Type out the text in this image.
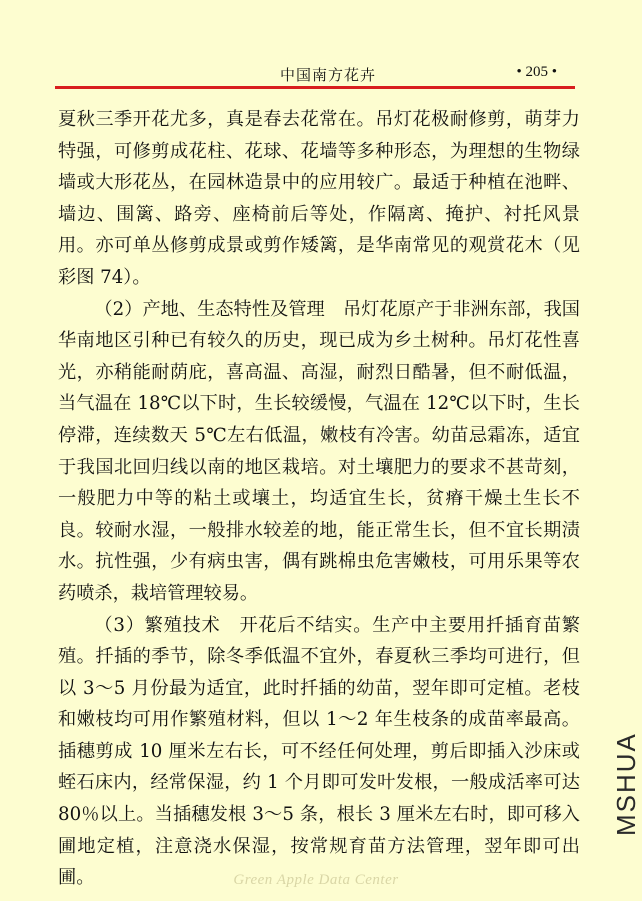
中国南方花卉	• 205 •

夏秋三季开花尤多，真是春去花常在。吊灯花极耐修剪，萌芽力特强，可修剪成花柱、花球、花墙等多种形态，为理想的生物绿墙或大形花丛，在园林造景中的应用较广。最适于种植在池畔、墙边、围篱、路旁、座椅前后等处，作隔离、掩护、衬托风景用。亦可单丛修剪成景或剪作矮篱，是华南常见的观赏花木（见彩图 74）。

（2）产地、生态特性及管理　吊灯花原产于非洲东部，我国华南地区引种已有较久的历史，现已成为乡土树种。吊灯花性喜光，亦稍能耐荫庇，喜高温、高湿，耐烈日酷暑，但不耐低温，当气温在 18℃以下时，生长较缓慢，气温在 12℃以下时，生长停滞，连续数天 5℃左右低温，嫩枝有冷害。幼苗忌霜冻，适宜于我国北回归线以南的地区栽培。对土壤肥力的要求不甚苛刻，一般肥力中等的粘土或壤土，均适宜生长，贫瘠干燥土生长不良。较耐水湿，一般排水较差的地，能正常生长，但不宜长期渍水。抗性强，少有病虫害，偶有跳棉虫危害嫩枝，可用乐果等农药喷杀，栽培管理较易。

（3）繁殖技术　开花后不结实。生产中主要用扦插育苗繁殖。扦插的季节，除冬季低温不宜外，春夏秋三季均可进行，但以 3～5 月份最为适宜，此时扦插的幼苗，翌年即可定植。老枝和嫩枝均可用作繁殖材料，但以 1～2 年生枝条的成苗率最高。插穗剪成 10 厘米左右长，可不经任何处理，剪后即插入沙床或蛭石床内，经常保湿，约 1 个月即可发叶发根，一般成活率可达 80％以上。当插穗发根 3～5 条，根长 3 厘米左右时，即可移入圃地定植，注意浇水保湿，按常规育苗方法管理，翌年即可出圃。	Green Apple Data Center
MSHUA
